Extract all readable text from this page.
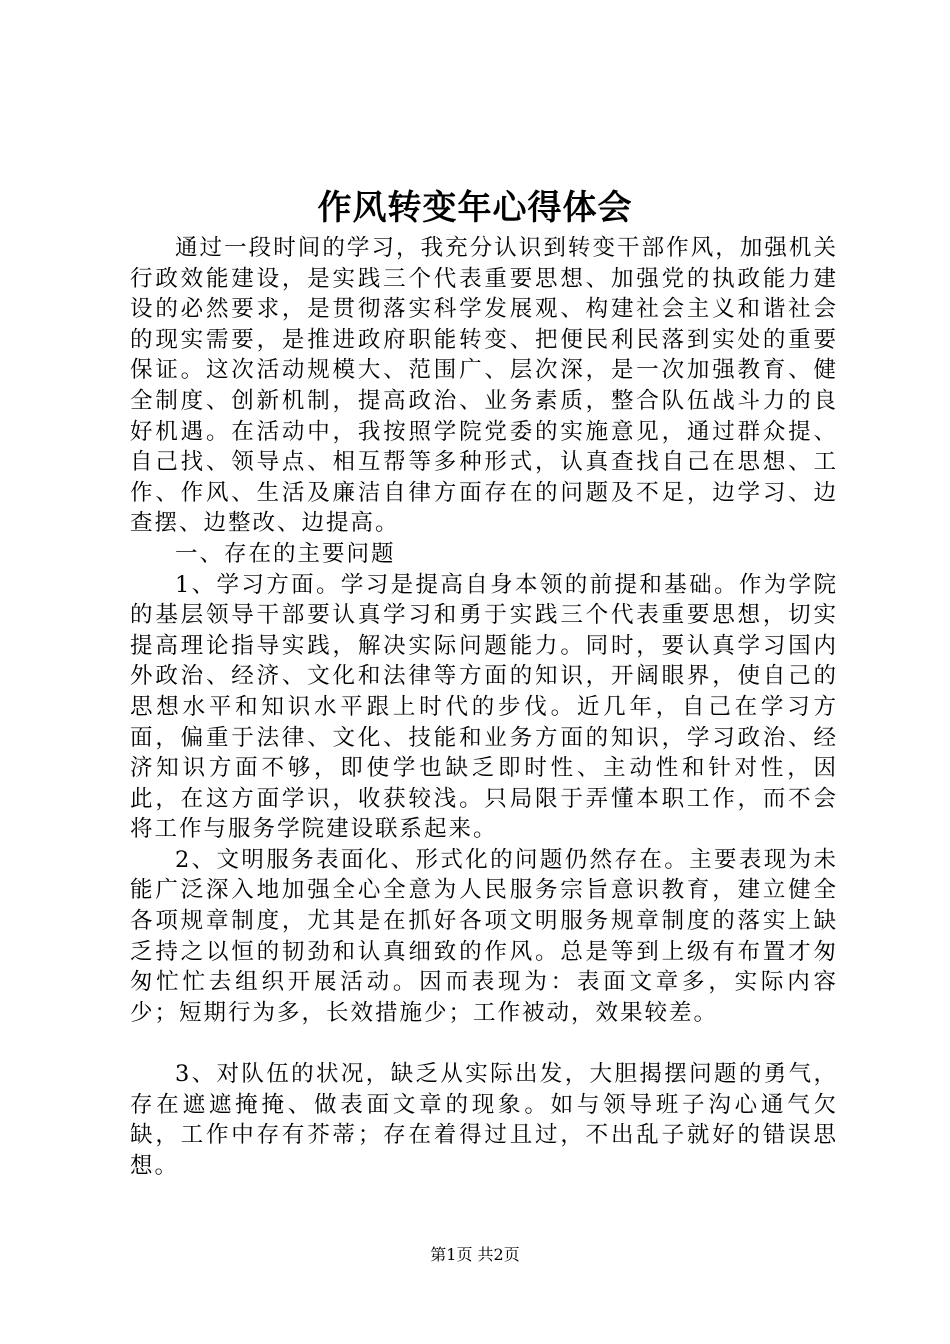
作风转变年心得体会

通过一段时间的学习，我充分认识到转变干部作风，加强机关行政效能建设，是实践三个代表重要思想、加强党的执政能力建设的必然要求，是贯彻落实科学发展观、构建社会主义和谐社会的现实需要，是推进政府职能转变、把便民利民落到实处的重要保证。这次活动规模大、范围广、层次深，是一次加强教育、健全制度、创新机制，提高政治、业务素质，整合队伍战斗力的良好机遇。在活动中，我按照学院党委的实施意见，通过群众提、自己找、领导点、相互帮等多种形式，认真查找自己在思想、工作、作风、生活及廉洁自律方面存在的问题及不足，边学习、边查摆、边整改、边提高。

一、存在的主要问题

1、学习方面。学习是提高自身本领的前提和基础。作为学院的基层领导干部要认真学习和勇于实践三个代表重要思想，切实提高理论指导实践，解决实际问题能力。同时，要认真学习国内外政治、经济、文化和法律等方面的知识，开阔眼界，使自己的思想水平和知识水平跟上时代的步伐。近几年，自己在学习方面，偏重于法律、文化、技能和业务方面的知识，学习政治、经济知识方面不够，即使学也缺乏即时性、主动性和针对性，因此，在这方面学识，收获较浅。只局限于弄懂本职工作，而不会将工作与服务学院建设联系起来。

2、文明服务表面化、形式化的问题仍然存在。主要表现为未能广泛深入地加强全心全意为人民服务宗旨意识教育，建立健全各项规章制度，尤其是在抓好各项文明服务规章制度的落实上缺乏持之以恒的韧劲和认真细致的作风。总是等到上级有布置才匆匆忙忙去组织开展活动。因而表现为：表面文章多，实际内容少；短期行为多，长效措施少；工作被动，效果较差。

3、对队伍的状况，缺乏从实际出发，大胆揭摆问题的勇气，存在遮遮掩掩、做表面文章的现象。如与领导班子沟心通气欠缺，工作中存有芥蒂；存在着得过且过，不出乱子就好的错误思想。

第1页 共2页
